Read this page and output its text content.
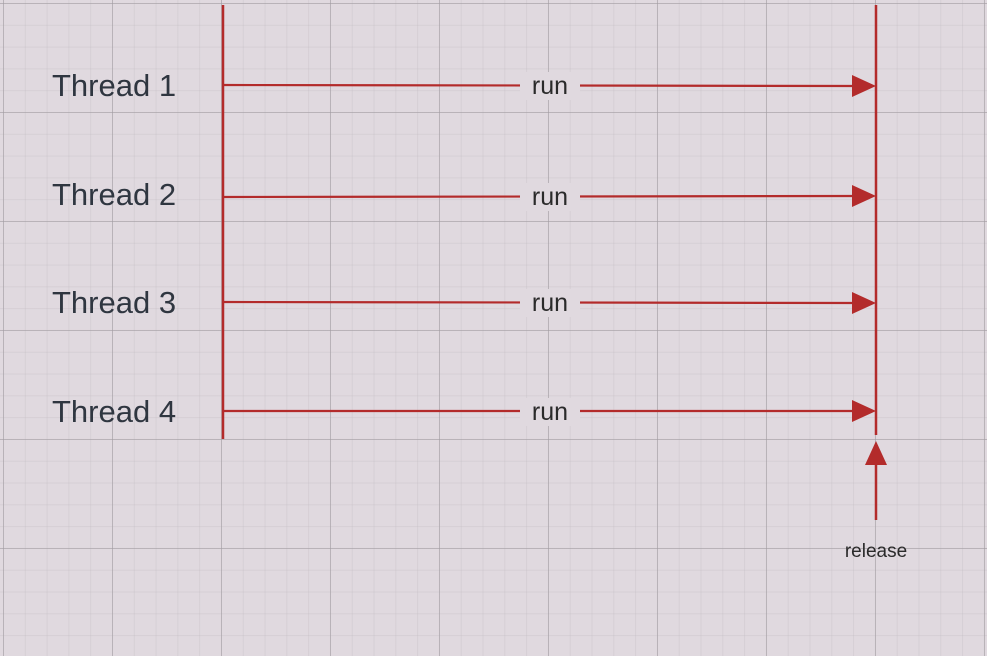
Thread 1
Thread 2
Thread 3
Thread 4
run
run
run
run
release
